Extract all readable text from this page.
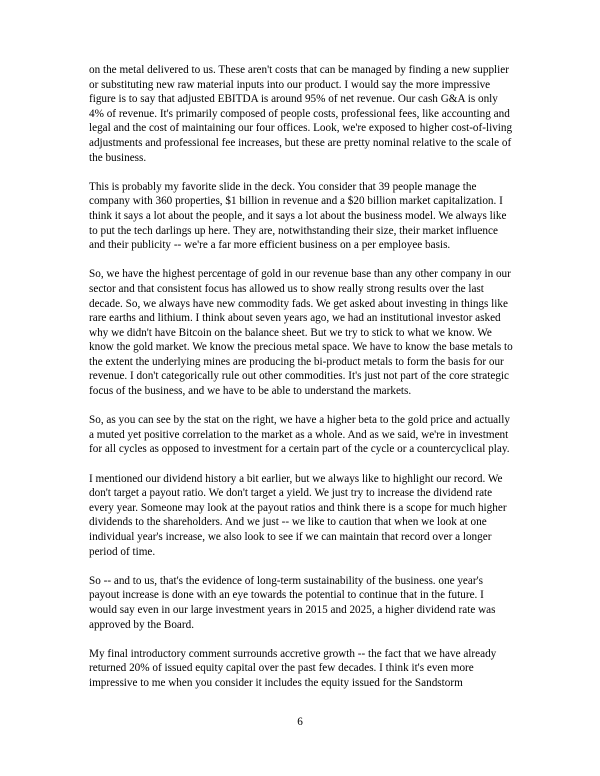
on the metal delivered to us. These aren't costs that can be managed by finding a new supplier or substituting new raw material inputs into our product. I would say the more impressive figure is to say that adjusted EBITDA is around 95% of net revenue. Our cash G&A is only 4% of revenue. It's primarily composed of people costs, professional fees, like accounting and legal and the cost of maintaining our four offices. Look, we're exposed to higher cost-of-living adjustments and professional fee increases, but these are pretty nominal relative to the scale of the business.

This is probably my favorite slide in the deck. You consider that 39 people manage the company with 360 properties, $1 billion in revenue and a $20 billion market capitalization. I think it says a lot about the people, and it says a lot about the business model. We always like to put the tech darlings up here. They are, notwithstanding their size, their market influence and their publicity -- we're a far more efficient business on a per employee basis.

So, we have the highest percentage of gold in our revenue base than any other company in our sector and that consistent focus has allowed us to show really strong results over the last decade. So, we always have new commodity fads. We get asked about investing in things like rare earths and lithium. I think about seven years ago, we had an institutional investor asked why we didn't have Bitcoin on the balance sheet. But we try to stick to what we know. We know the gold market. We know the precious metal space. We have to know the base metals to the extent the underlying mines are producing the bi-product metals to form the basis for our revenue. I don't categorically rule out other commodities. It's just not part of the core strategic focus of the business, and we have to be able to understand the markets.

So, as you can see by the stat on the right, we have a higher beta to the gold price and actually a muted yet positive correlation to the market as a whole. And as we said, we're in investment for all cycles as opposed to investment for a certain part of the cycle or a countercyclical play.

I mentioned our dividend history a bit earlier, but we always like to highlight our record. We don't target a payout ratio. We don't target a yield. We just try to increase the dividend rate every year. Someone may look at the payout ratios and think there is a scope for much higher dividends to the shareholders. And we just -- we like to caution that when we look at one individual year's increase, we also look to see if we can maintain that record over a longer period of time.

So -- and to us, that's the evidence of long-term sustainability of the business. one year's payout increase is done with an eye towards the potential to continue that in the future. I would say even in our large investment years in 2015 and 2025, a higher dividend rate was approved by the Board.

My final introductory comment surrounds accretive growth -- the fact that we have already returned 20% of issued equity capital over the past few decades. I think it's even more impressive to me when you consider it includes the equity issued for the Sandstorm

6
